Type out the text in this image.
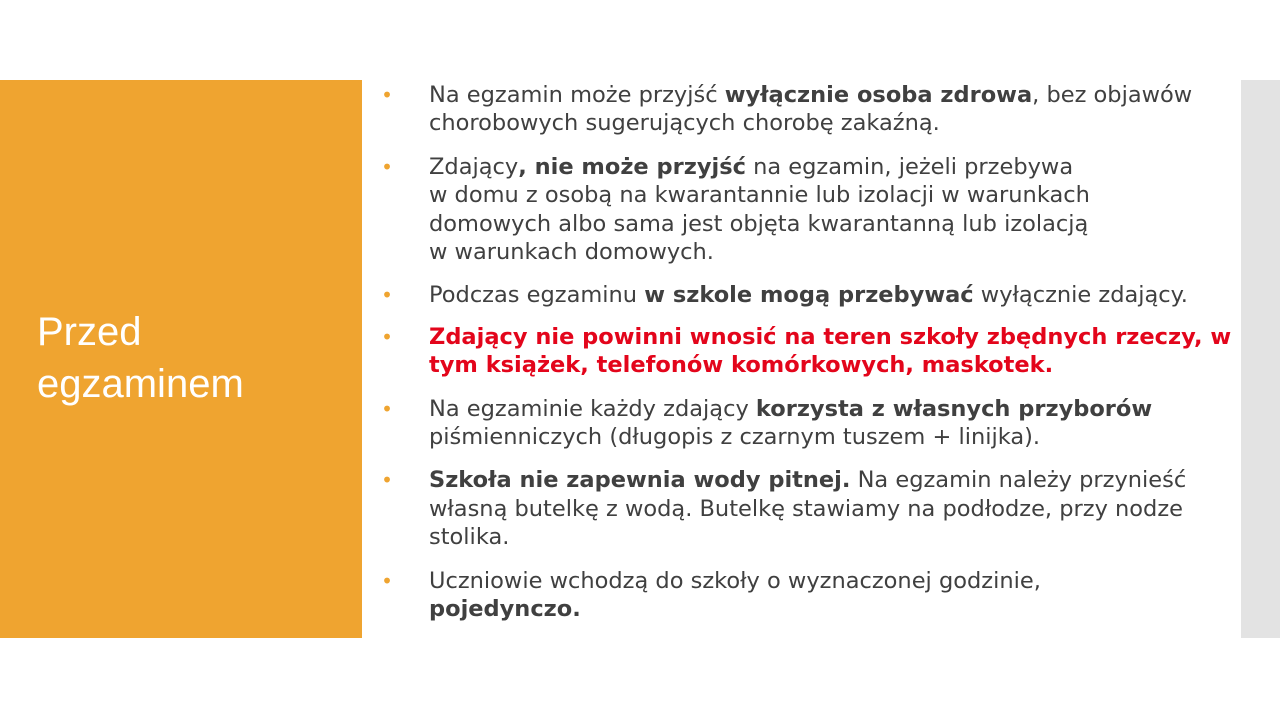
Przed
egzaminem
• Na egzamin może przyjść wyłącznie osoba zdrowa, bez objawów
chorobowych sugerujących chorobę zakaźną.
• Zdający, nie może przyjść na egzamin, jeżeli przebywa
w domu z osobą na kwarantannie lub izolacji w warunkach
domowych albo sama jest objęta kwarantanną lub izolacją
w warunkach domowych.
• Podczas egzaminu w szkole mogą przebywać wyłącznie zdający.
• Zdający nie powinni wnosić na teren szkoły zbędnych rzeczy, w
tym książek, telefonów komórkowych, maskotek.
• Na egzaminie każdy zdający korzysta z własnych przyborów
piśmienniczych (długopis z czarnym tuszem + linijka).
• Szkoła nie zapewnia wody pitnej. Na egzamin należy przynieść
własną butelkę z wodą. Butelkę stawiamy na podłodze, przy nodze
stolika.
• Uczniowie wchodzą do szkoły o wyznaczonej godzinie,
pojedynczo.
